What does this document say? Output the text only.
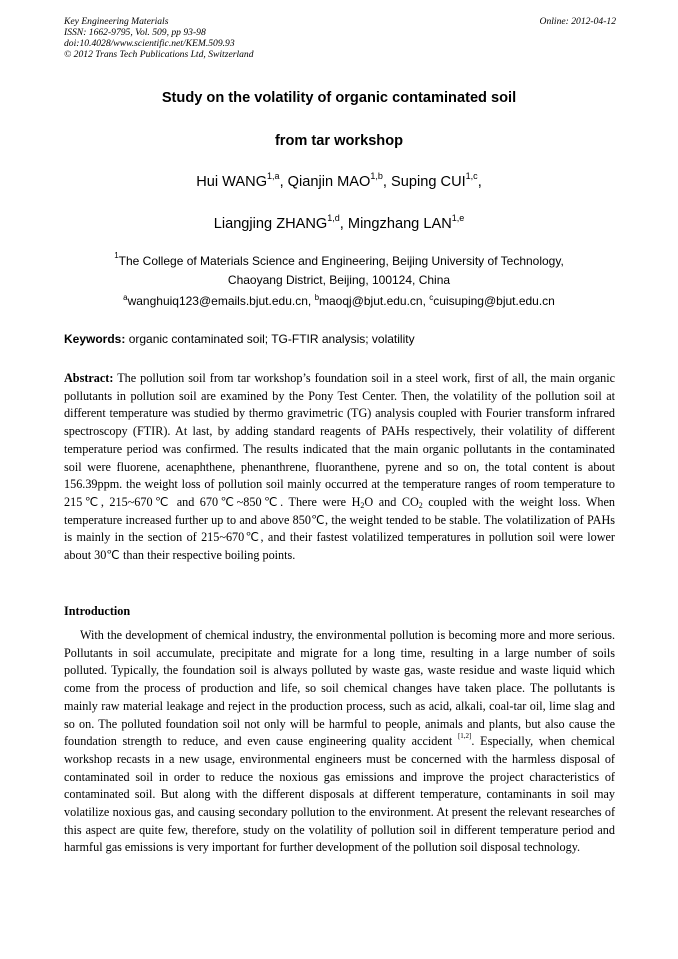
Key Engineering Materials
ISSN: 1662-9795, Vol. 509, pp 93-98
doi:10.4028/www.scientific.net/KEM.509.93
© 2012 Trans Tech Publications Ltd, Switzerland
Online: 2012-04-12
Study on the volatility of organic contaminated soil
from tar workshop
Hui WANG$^{1,a}$, Qianjin MAO$^{1,b}$, Suping CUI$^{1,c}$,
Liangjing ZHANG$^{1,d}$, Mingzhang LAN$^{1,e}$
$^1$The College of Materials Science and Engineering, Beijing University of Technology,
Chaoyang District, Beijing, 100124, China
$^a$wanghuiq123@emails.bjut.edu.cn, $^b$maoqj@bjut.edu.cn, $^c$cuisuping@bjut.edu.cn
Keywords: organic contaminated soil; TG-FTIR analysis; volatility

Abstract: The pollution soil from tar workshop’s foundation soil in a steel work, first of all, the main organic pollutants in pollution soil are examined by the Pony Test Center. Then, the volatility of the pollution soil at different temperature was studied by thermo gravimetric (TG) analysis coupled with Fourier transform infrared spectroscopy (FTIR). At last, by adding standard reagents of PAHs respectively, their volatility of different temperature period was confirmed. The results indicated that the main organic pollutants in the contaminated soil were fluorene, acenaphthene, phenanthrene, fluoranthene, pyrene and so on, the total content is about 156.39ppm. the weight loss of pollution soil mainly occurred at the temperature ranges of room temperature to 215℃, 215~670℃ and 670℃~850℃. There were $H_2O$ and $CO_2$ coupled with the weight loss. When temperature increased further up to and above 850℃, the weight tended to be stable. The volatilization of PAHs is mainly in the section of 215~670℃, and their fastest volatilized temperatures in pollution soil were lower about 30℃ than their respective boiling points.

Introduction

With the development of chemical industry, the environmental pollution is becoming more and more serious. Pollutants in soil accumulate, precipitate and migrate for a long time, resulting in a large number of soils polluted. Typically, the foundation soil is always polluted by waste gas, waste residue and waste liquid which come from the process of production and life, so soil chemical changes have taken place. The pollutants is mainly raw material leakage and reject in the production process, such as acid, alkali, coal-tar oil, lime slag and so on. The polluted foundation soil not only will be harmful to people, animals and plants, but also cause the foundation strength to reduce, and even cause engineering quality accident [1,2]. Especially, when chemical workshop recasts in a new usage, environmental engineers must be concerned with the harmless disposal of contaminated soil in order to reduce the noxious gas emissions and improve the project characteristics of contaminated soil. But along with the different disposals at different temperature, contaminants in soil may volatilize noxious gas, and causing secondary pollution to the environment. At present the relevant researches of this aspect are quite few, therefore, study on the volatility of pollution soil in different temperature period and harmful gas emissions is very important for further development of the pollution soil disposal technology.
